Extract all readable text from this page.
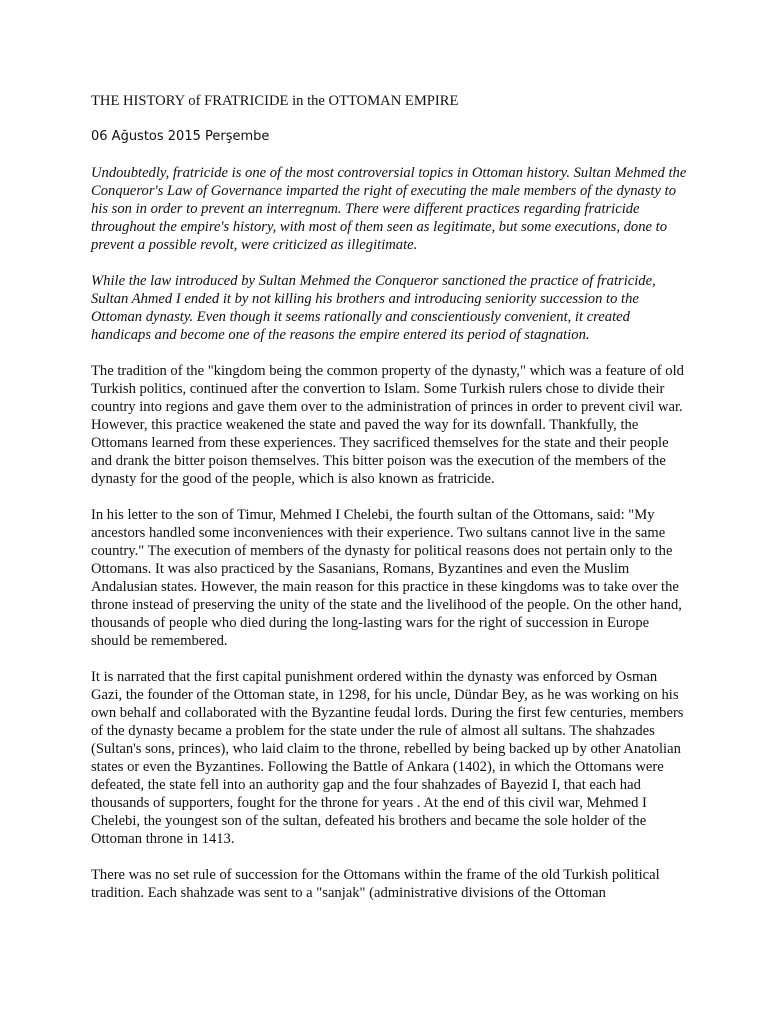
THE HISTORY of FRATRICIDE in the OTTOMAN EMPIRE
06 Ağustos 2015 Perşembe

Undoubtedly, fratricide is one of the most controversial topics in Ottoman history. Sultan Mehmed the Conqueror's Law of Governance imparted the right of executing the male members of the dynasty to his son in order to prevent an interregnum. There were different practices regarding fratricide throughout the empire's history, with most of them seen as legitimate, but some executions, done to prevent a possible revolt, were criticized as illegitimate.

While the law introduced by Sultan Mehmed the Conqueror sanctioned the practice of fratricide, Sultan Ahmed I ended it by not killing his brothers and introducing seniority succession to the Ottoman dynasty. Even though it seems rationally and conscientiously convenient, it created handicaps and become one of the reasons the empire entered its period of stagnation.

The tradition of the "kingdom being the common property of the dynasty," which was a feature of old Turkish politics, continued after the convertion to Islam. Some Turkish rulers chose to divide their country into regions and gave them over to the administration of princes in order to prevent civil war. However, this practice weakened the state and paved the way for its downfall. Thankfully, the Ottomans learned from these experiences. They sacrificed themselves for the state and their people and drank the bitter poison themselves. This bitter poison was the execution of the members of the dynasty for the good of the people, which is also known as fratricide.

In his letter to the son of Timur, Mehmed I Chelebi, the fourth sultan of the Ottomans, said: "My ancestors handled some inconveniences with their experience. Two sultans cannot live in the same country." The execution of members of the dynasty for political reasons does not pertain only to the Ottomans. It was also practiced by the Sasanians, Romans, Byzantines and even the Muslim Andalusian states. However, the main reason for this practice in these kingdoms was to take over the throne instead of preserving the unity of the state and the livelihood of the people. On the other hand, thousands of people who died during the long-lasting wars for the right of succession in Europe should be remembered.

It is narrated that the first capital punishment ordered within the dynasty was enforced by Osman Gazi, the founder of the Ottoman state, in 1298, for his uncle, Dündar Bey, as he was working on his own behalf and collaborated with the Byzantine feudal lords. During the first few centuries, members of the dynasty became a problem for the state under the rule of almost all sultans. The shahzades (Sultan's sons, princes), who laid claim to the throne, rebelled by being backed up by other Anatolian states or even the Byzantines. Following the Battle of Ankara (1402), in which the Ottomans were defeated, the state fell into an authority gap and the four shahzades of Bayezid I, that each had thousands of supporters, fought for the throne for years . At the end of this civil war, Mehmed I Chelebi, the youngest son of the sultan, defeated his brothers and became the sole holder of the Ottoman throne in 1413.

There was no set rule of succession for the Ottomans within the frame of the old Turkish political tradition. Each shahzade was sent to a "sanjak" (administrative divisions of the Ottoman
